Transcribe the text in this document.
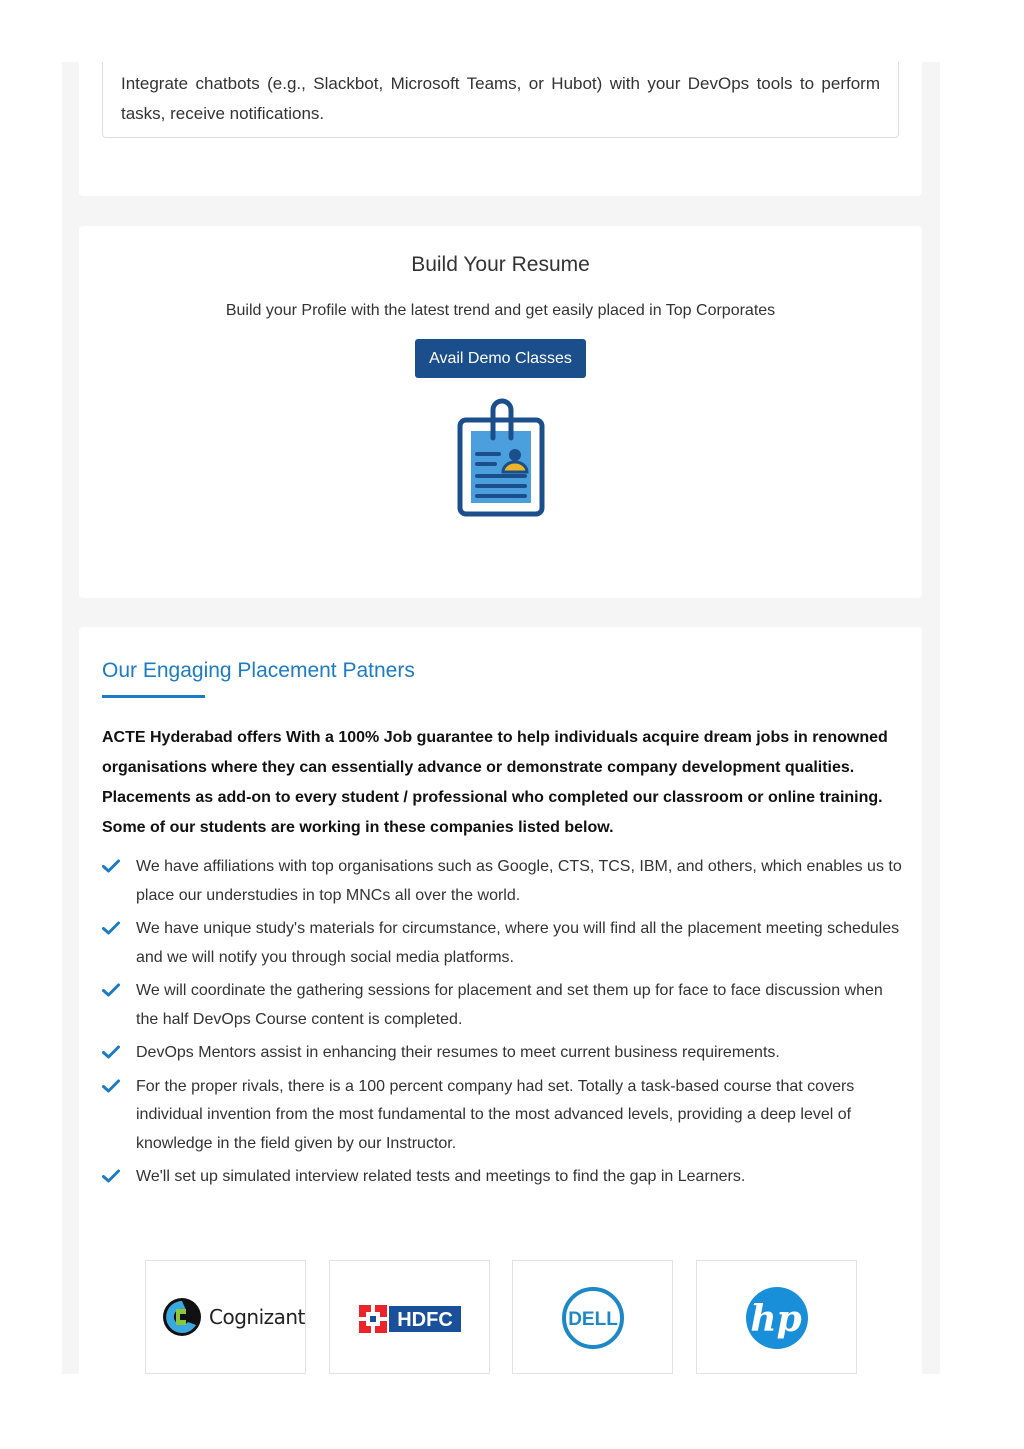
Integrate chatbots (e.g., Slackbot, Microsoft Teams, or Hubot) with your DevOps tools to perform tasks, receive notifications.
Build Your Resume
Build your Profile with the latest trend and get easily placed in Top Corporates
Avail Demo Classes
Our Engaging Placement Patners
ACTE Hyderabad offers With a 100% Job guarantee to help individuals acquire dream jobs in renowned organisations where they can essentially advance or demonstrate company development qualities. Placements as add-on to every student / professional who completed our classroom or online training. Some of our students are working in these companies listed below.
We have affiliations with top organisations such as Google, CTS, TCS, IBM, and others, which enables us to place our understudies in top MNCs all over the world.
We have unique study's materials for circumstance, where you will find all the placement meeting schedules and we will notify you through social media platforms.
We will coordinate the gathering sessions for placement and set them up for face to face discussion when the half DevOps Course content is completed.
DevOps Mentors assist in enhancing their resumes to meet current business requirements.
For the proper rivals, there is a 100 percent company had set. Totally a task-based course that covers individual invention from the most fundamental to the most advanced levels, providing a deep level of knowledge in the field given by our Instructor.
We'll set up simulated interview related tests and meetings to find the gap in Learners.
Cognizant	HDFC	DELL	hp
